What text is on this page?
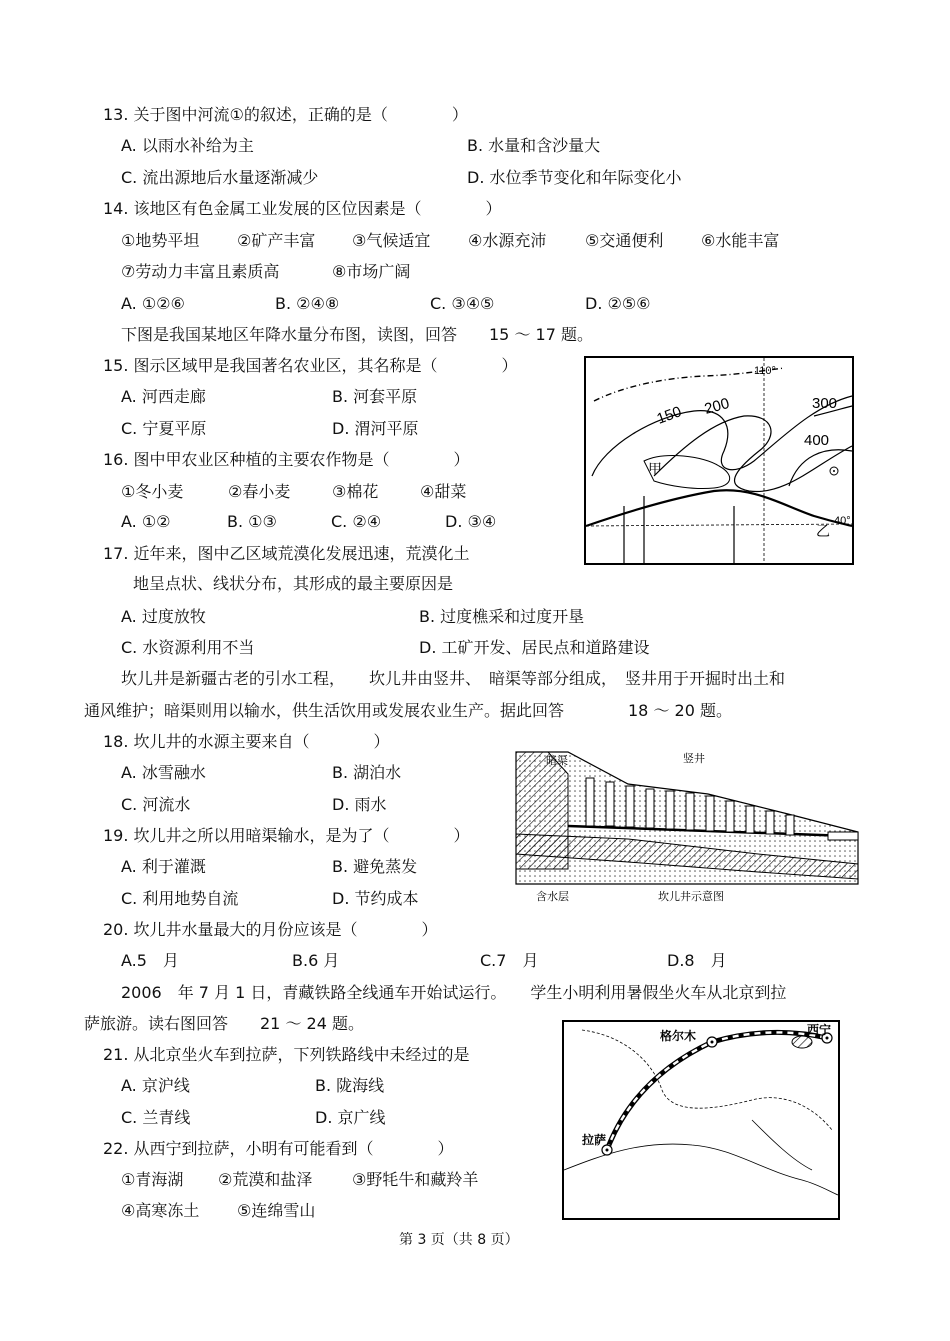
13. 关于图中河流①的叙述，正确的是（　　　　）
A. 以雨水补给为主	B. 水量和含沙量大
C. 流出源地后水量逐渐减少	D. 水位季节变化和年际变化小
14. 该地区有色金属工业发展的区位因素是（　　　　）
①地势平坦 ②矿产丰富 ③气候适宜 ④水源充沛 ⑤交通便利 ⑥水能丰富
⑦劳动力丰富且素质高	⑧市场广阔
A. ①②⑥	B. ②④⑧	C. ③④⑤	D. ②⑤⑥
下图是我国某地区年降水量分布图，读图，回答　　15 ～ 17 题。
15. 图示区域甲是我国著名农业区，其名称是（　　　　）
A. 河西走廊	B. 河套平原
C. 宁夏平原	D. 渭河平原
16. 图中甲农业区种植的主要农作物是（　　　　）
①冬小麦	②春小麦	③棉花	④甜菜
A. ①②	B. ①③	C. ②④	D. ③④
17. 近年来，图中乙区域荒漠化发展迅速，荒漠化土
地呈点状、线状分布，其形成的最主要原因是
A. 过度放牧	B. 过度樵采和过度开垦
C. 水资源利用不当	D. 工矿开发、居民点和道路建设
坎儿井是新疆古老的引水工程，　　坎儿井由竖井、　暗渠等部分组成，　竖井用于开掘时出土和
通风维护；暗渠则用以输水，供生活饮用或发展农业生产。据此回答　　　　18 ～ 20 题。
18. 坎儿井的水源主要来自（　　　　）
A. 冰雪融水	B. 湖泊水
C. 河流水	D. 雨水
19. 坎儿井之所以用暗渠输水，是为了（　　　　）
A. 利于灌溉	B. 避免蒸发
C. 利用地势自流	D. 节约成本
20. 坎儿井水量最大的月份应该是（　　　　）
A.5　月	B.6 月	C.7　月	D.8　月
2006　年 7 月 1 日，青藏铁路全线通车开始试运行。　　学生小明利用暑假坐火车从北京到拉
萨旅游。读右图回答　　21 ～ 24 题。
21. 从北京坐火车到拉萨，下列铁路线中未经过的是
A. 京沪线	B. 陇海线
C. 兰青线	D. 京广线
22. 从西宁到拉萨，小明有可能看到（　　　　）
①青海湖 ②荒漠和盐泽 ③野牦牛和藏羚羊
④高寒冻土 ⑤连绵雪山
150 200	300
400
110°
40°
甲
乙
暗渠	竖井
含水层	坎儿井示意图
格尔木	西宁
拉萨
第 3 页（共 8 页）
